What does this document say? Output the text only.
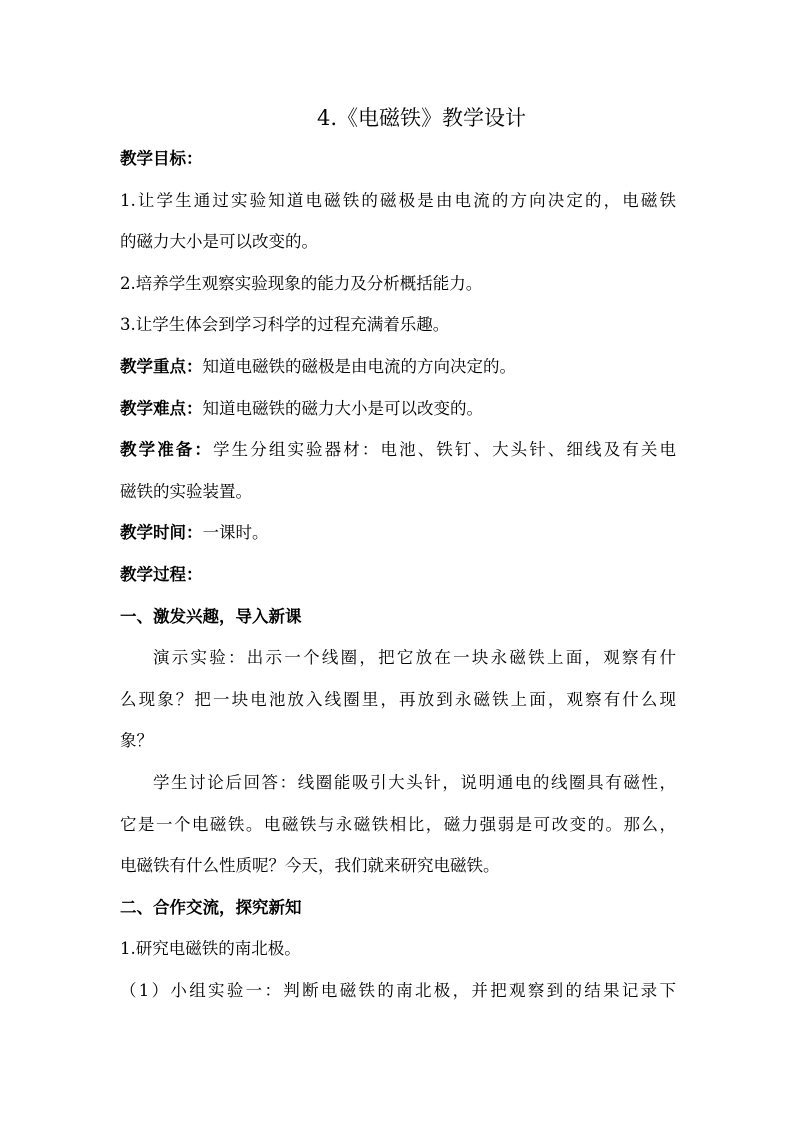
4.《电磁铁》教学设计
教学目标：
1.让学生通过实验知道电磁铁的磁极是由电流的方向决定的，电磁铁
的磁力大小是可以改变的。
2.培养学生观察实验现象的能力及分析概括能力。
3.让学生体会到学习科学的过程充满着乐趣。
教学重点：知道电磁铁的磁极是由电流的方向决定的。
教学难点：知道电磁铁的磁力大小是可以改变的。
教学准备：学生分组实验器材：电池、铁钉、大头针、细线及有关电
磁铁的实验装置。
教学时间：一课时。
教学过程：
一、激发兴趣，导入新课
演示实验：出示一个线圈，把它放在一块永磁铁上面，观察有什
么现象？把一块电池放入线圈里，再放到永磁铁上面，观察有什么现
象？
学生讨论后回答：线圈能吸引大头针，说明通电的线圈具有磁性，
它是一个电磁铁。电磁铁与永磁铁相比，磁力强弱是可改变的。那么，
电磁铁有什么性质呢？今天，我们就来研究电磁铁。
二、合作交流，探究新知
1.研究电磁铁的南北极。
（1）小组实验一：判断电磁铁的南北极，并把观察到的结果记录下
